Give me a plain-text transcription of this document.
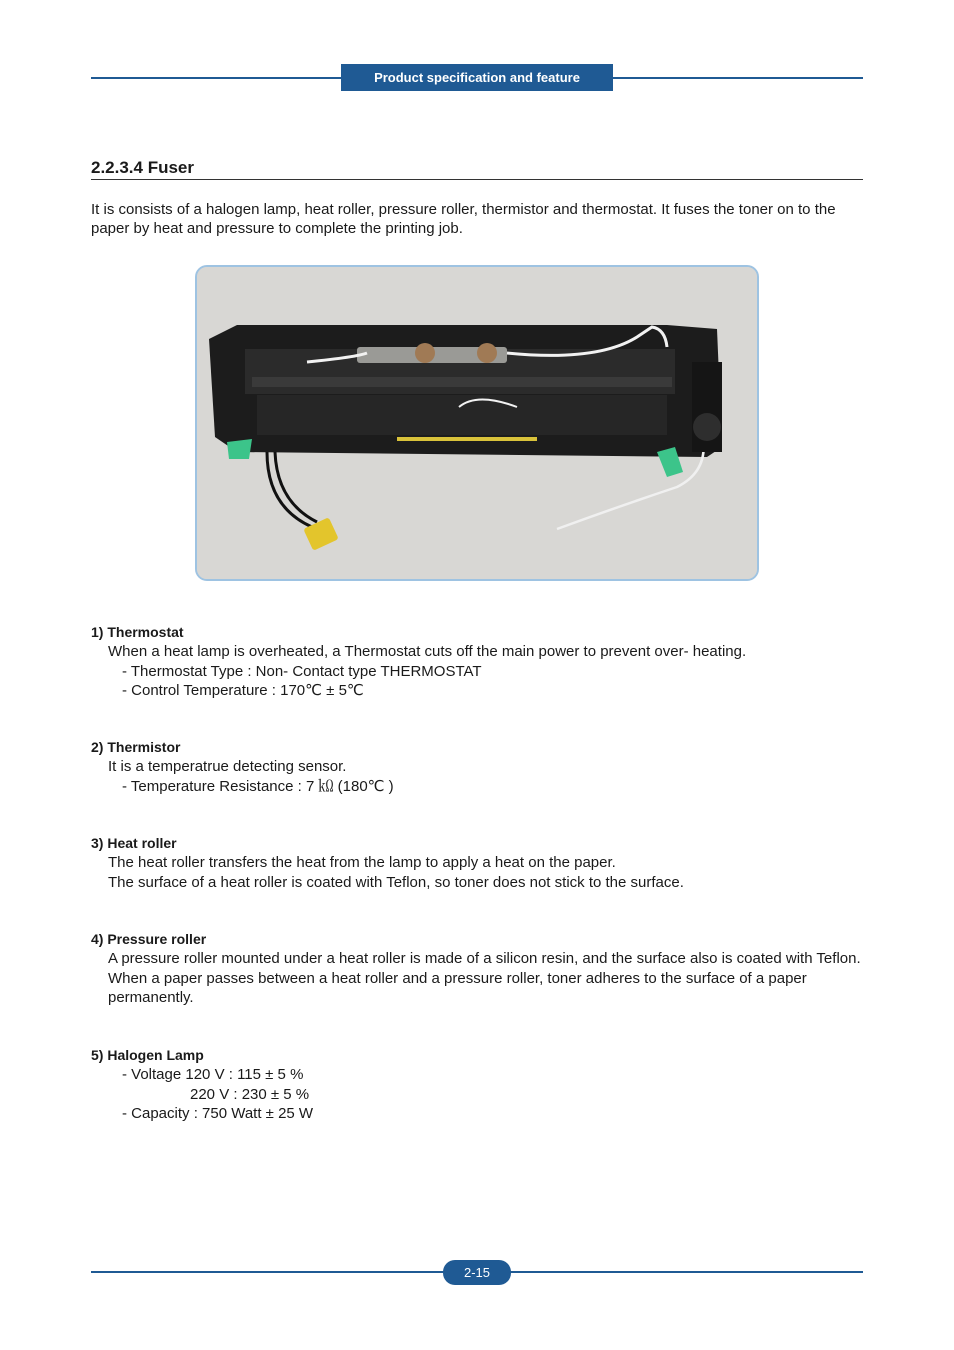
Product specification and feature
2.2.3.4 Fuser
It is consists of a halogen lamp, heat roller, pressure roller, thermistor and thermostat. It fuses the toner on to the paper by heat and pressure to complete the printing job.
1) Thermostat
When a heat lamp is overheated, a Thermostat cuts off the main power to prevent over- heating.
- Thermostat Type : Non- Contact type THERMOSTAT
- Control Temperature : 170℃ ± 5℃
2) Thermistor
It is a temperatrue detecting sensor.
- Temperature Resistance : 7 ㏀ (180℃ )
3) Heat roller
The heat roller transfers the heat from the lamp to apply a heat on the paper.
The surface of a heat roller is coated with Teflon, so toner does not stick to the surface.
4) Pressure roller
A pressure roller mounted under a heat roller is made of a silicon resin, and the surface also is coated with Teflon. When a paper passes between a heat roller and a pressure roller, toner adheres to the surface of a paper permanently.
5) Halogen Lamp
- Voltage 120 V : 115 ± 5 %
220 V : 230 ± 5 %
- Capacity : 750 Watt ± 25 W
2-15
